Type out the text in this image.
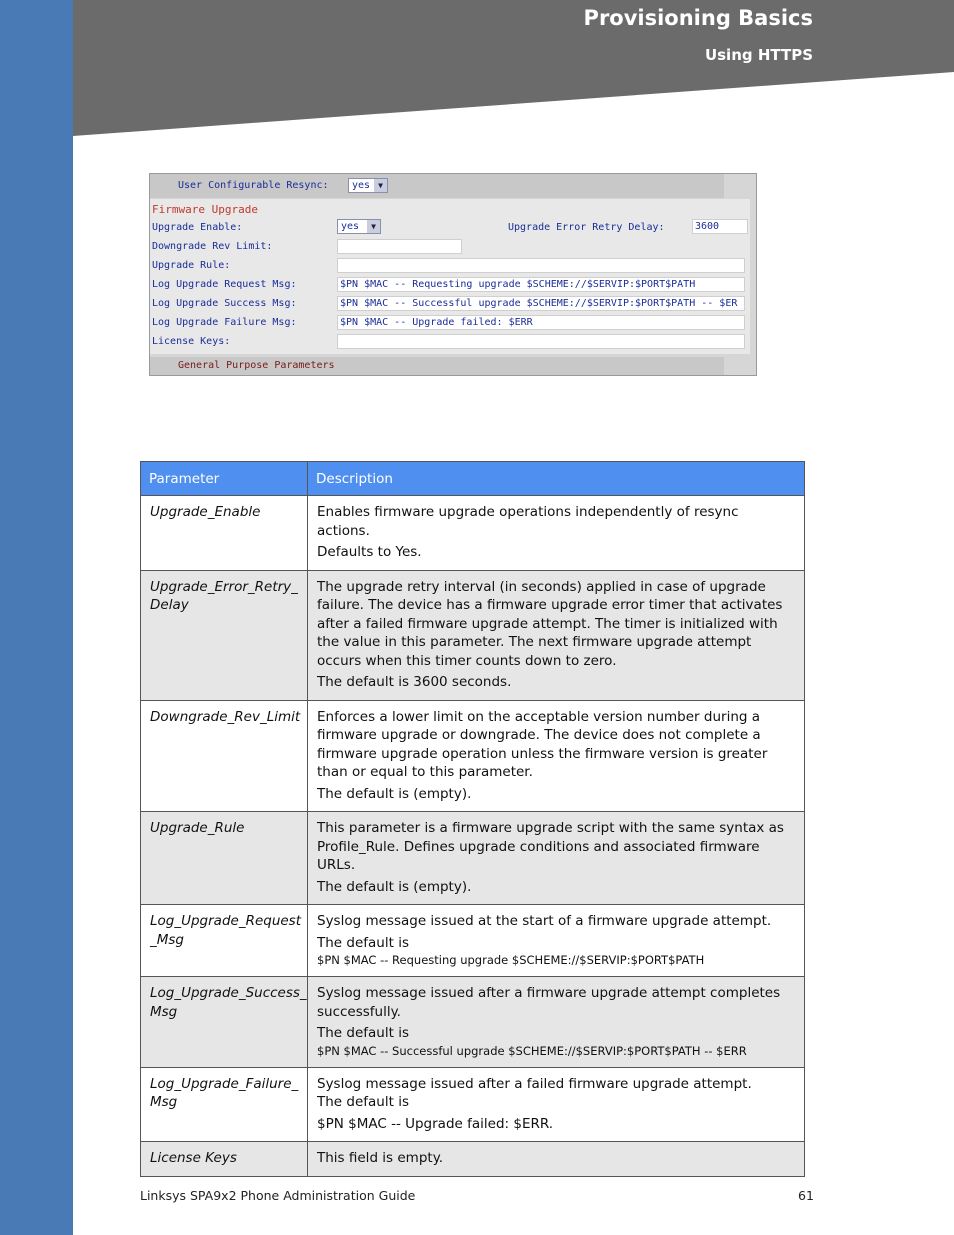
Provisioning Basics
Using HTTPS
User Configurable Resync:	yes	▼
Firmware Upgrade
Upgrade Enable:	yes	▼	Upgrade Error Retry Delay:	3600
Downgrade Rev Limit:
Upgrade Rule:
Log Upgrade Request Msg:	$PN $MAC -- Requesting upgrade $SCHEME://$SERVIP:$PORT$PATH
Log Upgrade Success Msg:	$PN $MAC -- Successful upgrade $SCHEME://$SERVIP:$PORT$PATH -- $ER
Log Upgrade Failure Msg:	$PN $MAC -- Upgrade failed: $ERR
License Keys:
General Purpose Parameters
Parameter	Description
Upgrade_Enable	Enables firmware upgrade operations independently of resync actions.
Defaults to Yes.

Upgrade_Error_Retry_ Delay	The upgrade retry interval (in seconds) applied in case of upgrade failure. The device has a firmware upgrade error timer that activates after a failed firmware upgrade attempt. The timer is initialized with the value in this parameter. The next firmware upgrade attempt occurs when this timer counts down to zero.
The default is 3600 seconds.

Downgrade_Rev_Limit	Enforces a lower limit on the acceptable version number during a firmware upgrade or downgrade. The device does not complete a firmware upgrade operation unless the firmware version is greater than or equal to this parameter.
The default is (empty).

Upgrade_Rule	This parameter is a firmware upgrade script with the same syntax as Profile_Rule. Defines upgrade conditions and associated firmware URLs.
The default is (empty).

Log_Upgrade_Request _Msg	Syslog message issued at the start of a firmware upgrade attempt.
The default is
$PN $MAC -- Requesting upgrade $SCHEME://$SERVIP:$PORT$PATH

Log_Upgrade_Success_ Msg	Syslog message issued after a firmware upgrade attempt completes successfully.
The default is
$PN $MAC -- Successful upgrade $SCHEME://$SERVIP:$PORT$PATH -- $ERR

Log_Upgrade_Failure_ Msg	Syslog message issued after a failed firmware upgrade attempt.
The default is
$PN $MAC -- Upgrade failed: $ERR.

License Keys	This field is empty.
Linksys SPA9x2 Phone Administration Guide	61
